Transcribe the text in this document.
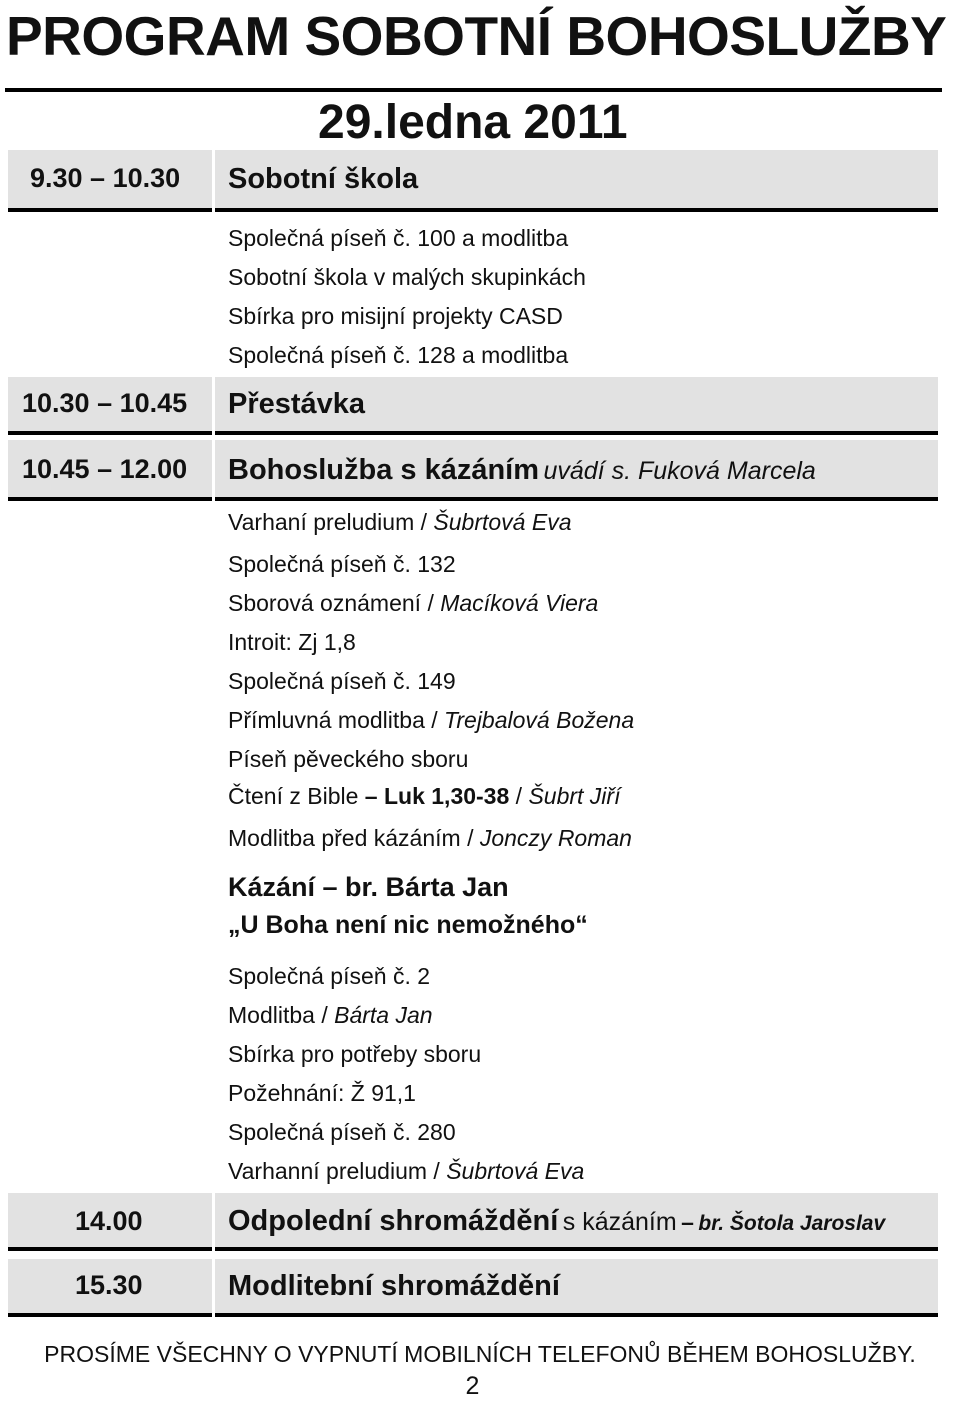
PROGRAM SOBOTNÍ BOHOSLUŽBY
29.ledna 2011
9.30 – 10.30 Sobotní škola
Společná píseň č. 100 a modlitba
Sobotní škola v malých skupinkách
Sbírka pro misijní projekty CASD
Společná píseň č. 128 a modlitba
10.30 – 10.45 Přestávka
10.45 – 12.00 Bohoslužba s kázáním uvádí s. Fuková Marcela
Varhaní preludium / Šubrtová Eva
Společná píseň č. 132
Sborová oznámení / Macíková Viera
Introit: Zj 1,8
Společná píseň č. 149
Přímluvná modlitba / Trejbalová Božena
Píseň pěveckého sboru
Čtení z Bible – Luk 1,30-38 / Šubrt Jiří
Modlitba před kázáním / Jonczy Roman
Kázání – br. Bárta Jan
„U Boha není nic nemožného“
Společná píseň č. 2
Modlitba / Bárta Jan
Sbírka pro potřeby sboru
Požehnání: Ž 91,1
Společná píseň č. 280
Varhanní preludium / Šubrtová Eva
14.00	Odpolední shromáždění s kázáním – br. Šotola Jaroslav
15.30	Modlitební shromáždění
PROSÍME VŠECHNY O VYPNUTÍ MOBILNÍCH TELEFONŮ BĚHEM BOHOSLUŽBY.
2
